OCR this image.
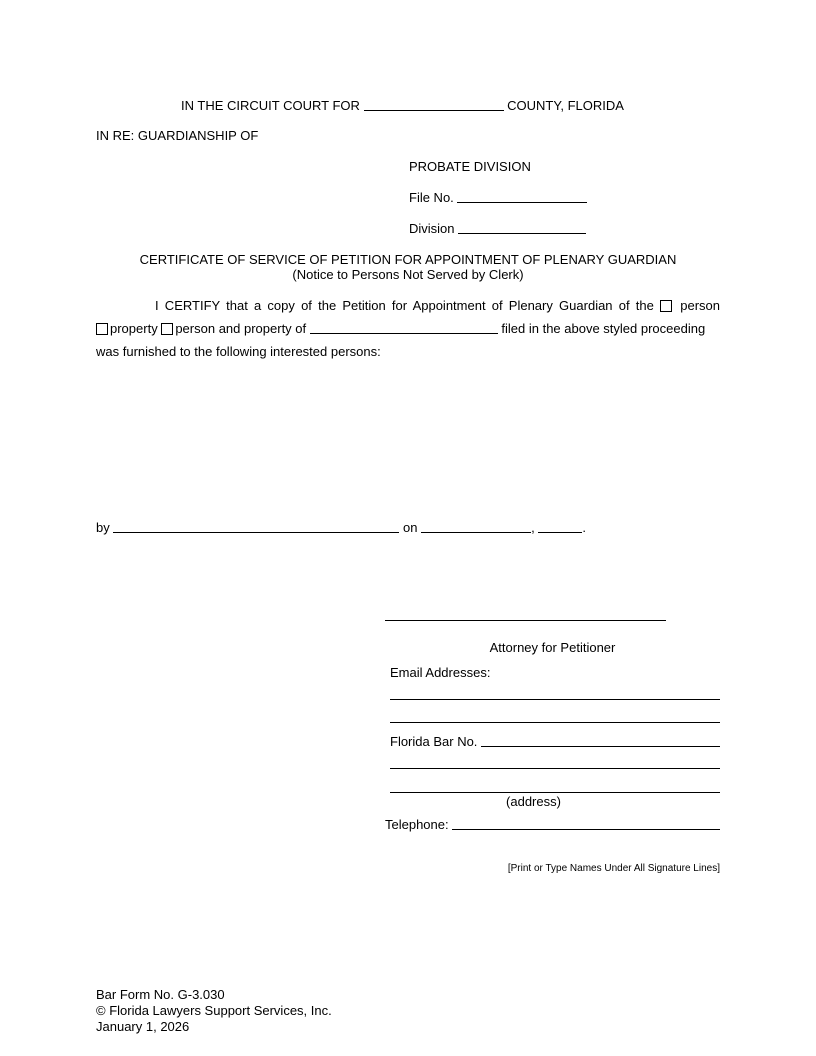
IN THE CIRCUIT COURT FOR	COUNTY, FLORIDA
IN RE: GUARDIANSHIP OF
PROBATE DIVISION
File No.
Division
CERTIFICATE OF SERVICE OF PETITION FOR APPOINTMENT OF PLENARY GUARDIAN
(Notice to Persons Not Served by Clerk)
I CERTIFY that a copy of the Petition for Appointment of Plenary Guardian of the person
property person and property of	filed in the above styled proceeding
was furnished to the following interested persons:
by	on	,	.
Attorney for Petitioner
Email Addresses:
Florida Bar No.
(address)
Telephone:
[Print or Type Names Under All Signature Lines]
Bar Form No. G-3.030
© Florida Lawyers Support Services, Inc.
January 1, 2026
